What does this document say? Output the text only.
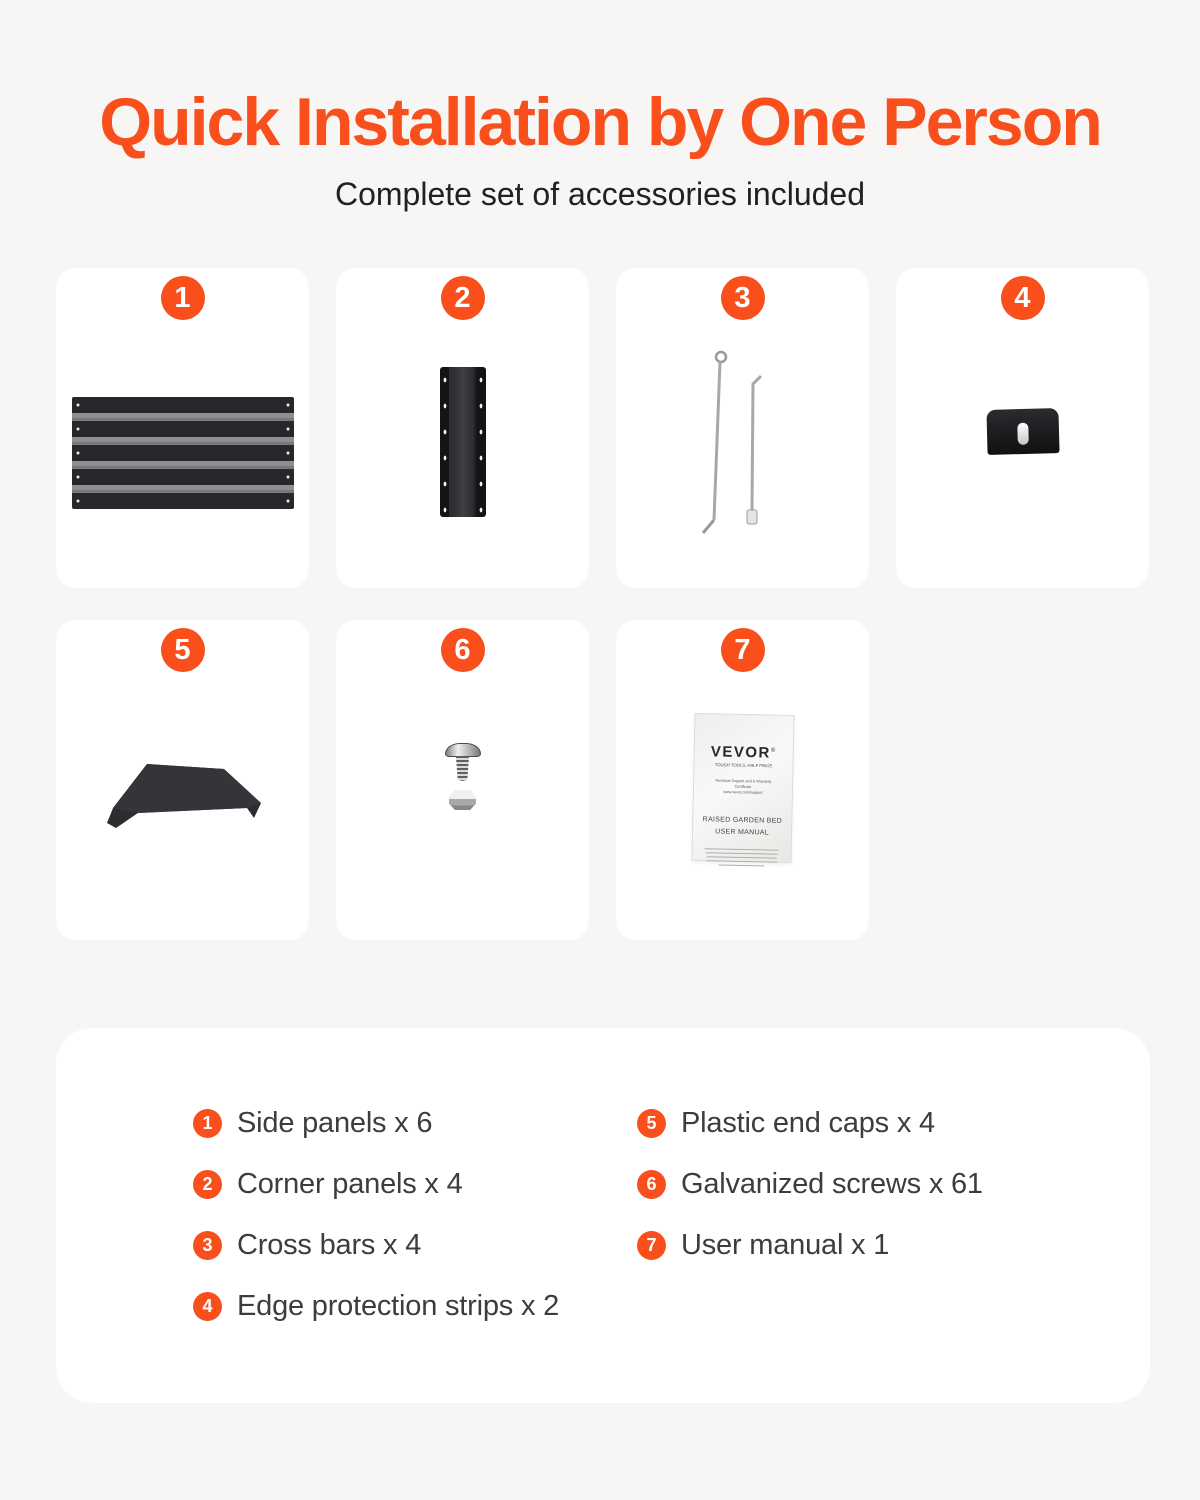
Quick Installation by One Person

Complete set of accessories included

1	2	3	4
5	6	7
VEVOR®
TOUGH TOOLS, HALF PRICE
Technical Support and E-Warranty Certificate
www.vevor.com/support
RAISED GARDEN BED
USER MANUAL
1 Side panels x 6
2 Corner panels x 4
3 Cross bars x 4
4 Edge protection strips x 2
5 Plastic end caps x 4
6 Galvanized screws x 61
7 User manual x 1
